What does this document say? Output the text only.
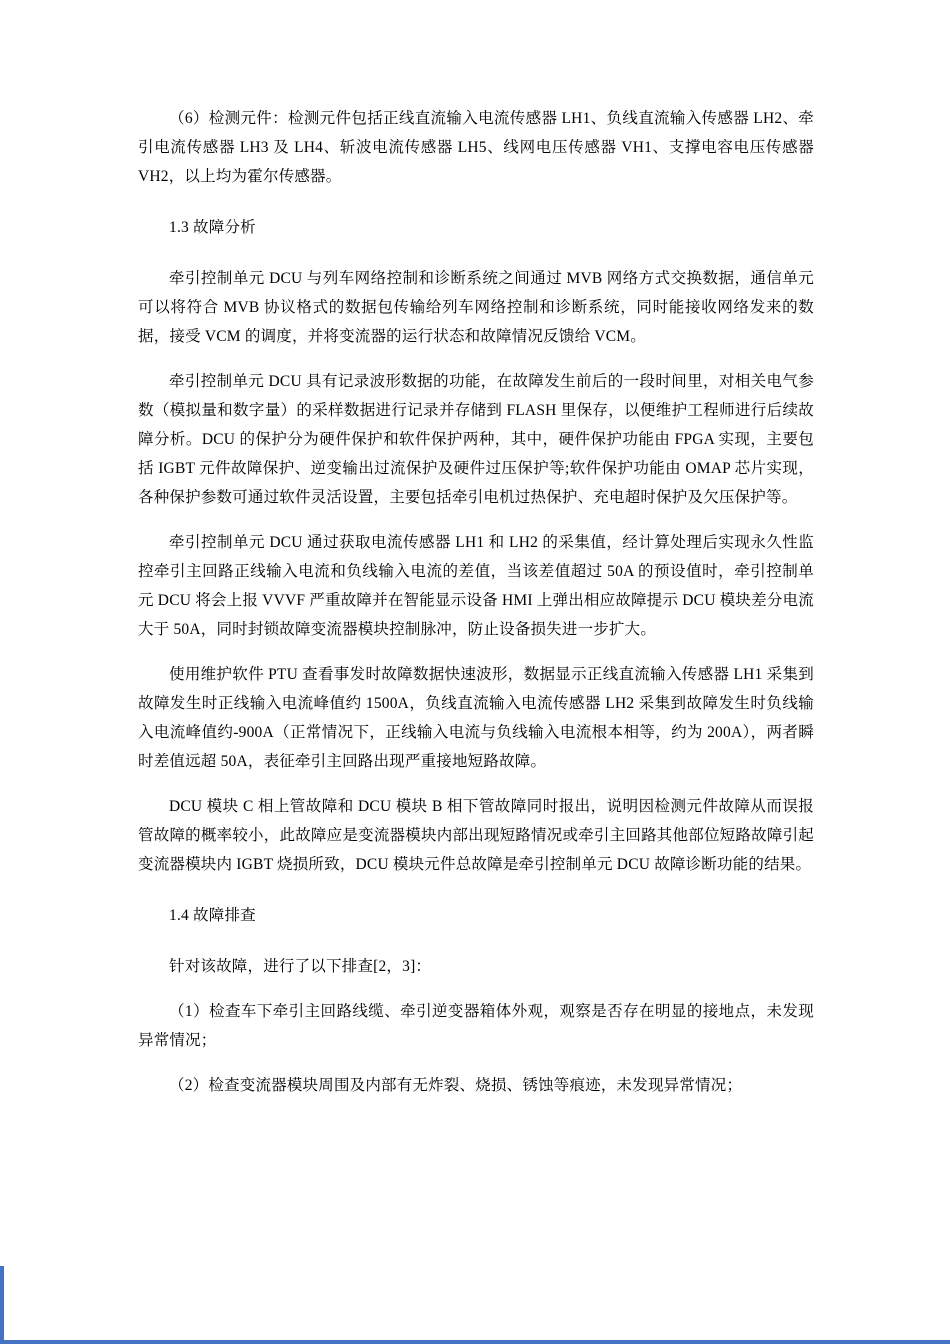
（6）检测元件：检测元件包括正线直流输入电流传感器 LH1、负线直流输入传感器 LH2、牵引电流传感器 LH3 及 LH4、斩波电流传感器 LH5、线网电压传感器 VH1、支撑电容电压传感器 VH2，以上均为霍尔传感器。

1.3 故障分析

牵引控制单元 DCU 与列车网络控制和诊断系统之间通过 MVB 网络方式交换数据，通信单元可以将符合 MVB 协议格式的数据包传输给列车网络控制和诊断系统，同时能接收网络发来的数据，接受 VCM 的调度，并将变流器的运行状态和故障情况反馈给 VCM。

牵引控制单元 DCU 具有记录波形数据的功能，在故障发生前后的一段时间里，对相关电气参数（模拟量和数字量）的采样数据进行记录并存储到 FLASH 里保存，以便维护工程师进行后续故障分析。DCU 的保护分为硬件保护和软件保护两种，其中，硬件保护功能由 FPGA 实现，主要包括 IGBT 元件故障保护、逆变输出过流保护及硬件过压保护等;软件保护功能由 OMAP 芯片实现，各种保护参数可通过软件灵活设置，主要包括牵引电机过热保护、充电超时保护及欠压保护等。

牵引控制单元 DCU 通过获取电流传感器 LH1 和 LH2 的采集值，经计算处理后实现永久性监控牵引主回路正线输入电流和负线输入电流的差值，当该差值超过 50A 的预设值时，牵引控制单元 DCU 将会上报 VVVF 严重故障并在智能显示设备 HMI 上弹出相应故障提示 DCU 模块差分电流大于 50A，同时封锁故障变流器模块控制脉冲，防止设备损失进一步扩大。

使用维护软件 PTU 查看事发时故障数据快速波形，数据显示正线直流输入传感器 LH1 采集到故障发生时正线输入电流峰值约 1500A，负线直流输入电流传感器 LH2 采集到故障发生时负线输入电流峰值约-900A（正常情况下，正线输入电流与负线输入电流根本相等，约为 200A），两者瞬时差值远超 50A，表征牵引主回路出现严重接地短路故障。

DCU 模块 C 相上管故障和 DCU 模块 B 相下管故障同时报出，说明因检测元件故障从而误报管故障的概率较小，此故障应是变流器模块内部出现短路情况或牵引主回路其他部位短路故障引起变流器模块内 IGBT 烧损所致，DCU 模块元件总故障是牵引控制单元 DCU 故障诊断功能的结果。

1.4 故障排查

针对该故障，进行了以下排查[2，3]：

（1）检查车下牵引主回路线缆、牵引逆变器箱体外观，观察是否存在明显的接地点，未发现异常情况；

（2）检查变流器模块周围及内部有无炸裂、烧损、锈蚀等痕迹，未发现异常情况；
